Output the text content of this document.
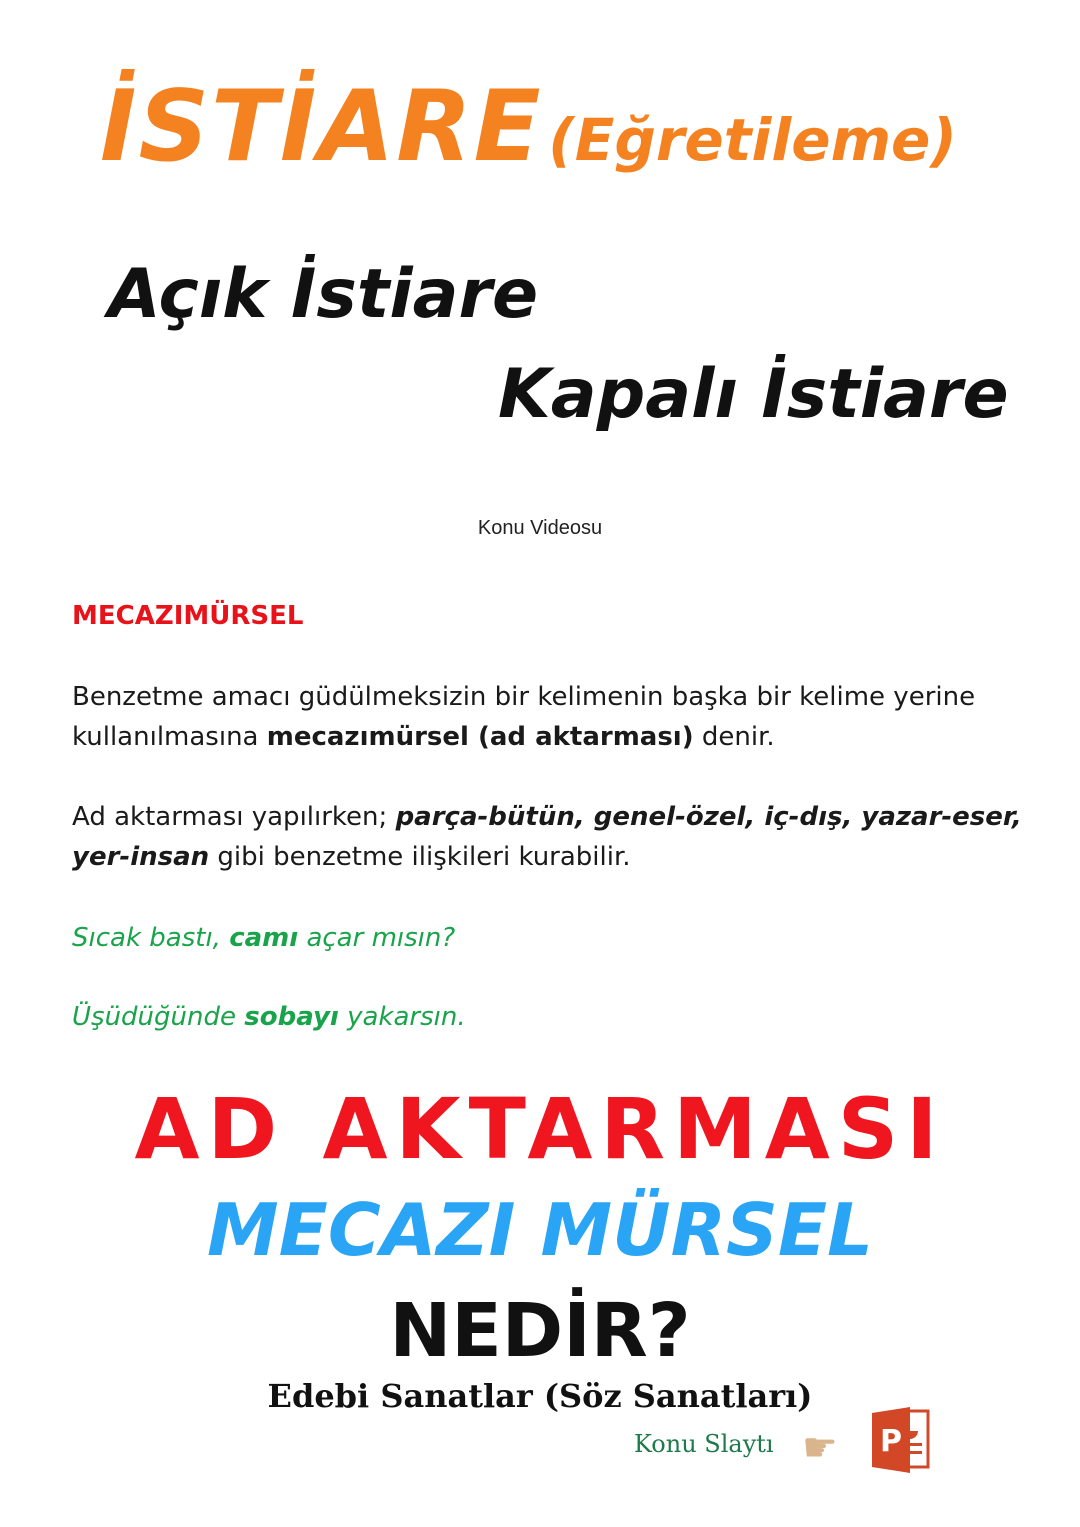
İSTİARE (Eğretileme)
Açık İstiare
Kapalı İstiare
Konu Videosu
MECAZIMÜRSEL
Benzetme amacı güdülmeksizin bir kelimenin başka bir kelime yerine kullanılmasına mecazımürsel (ad aktarması) denir.
Ad aktarması yapılırken; parça-bütün, genel-özel, iç-dış, yazar-eser, yer-insan gibi benzetme ilişkileri kurabilir.
Sıcak bastı, camı açar mısın?
Üşüdüğünde sobayı yakarsın.
AD AKTARMASI
MECAZI MÜRSEL
NEDİR?
Edebi Sanatlar (Söz Sanatları)
Konu Slaytı ☛ P
